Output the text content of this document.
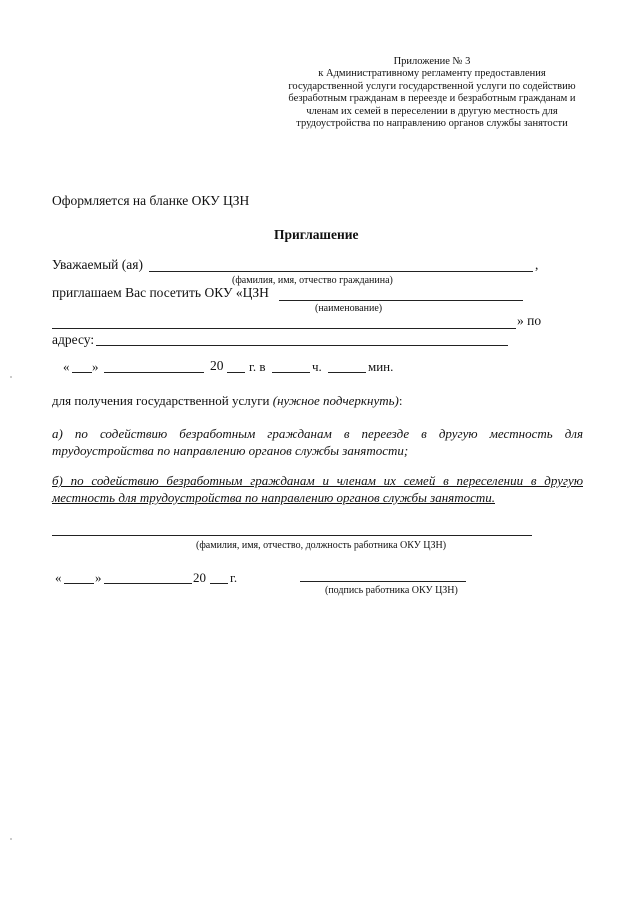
Приложение № 3
к Административному регламенту предоставления
государственной услуги государственной услуги по содействию
безработным гражданам в переезде и безработным гражданам и
членам их семей в переселении в другую местность для
трудоустройства по направлению органов службы занятости
Оформляется на бланке ОКУ ЦЗН
Приглашение
Уважаемый (ая)	,
(фамилия, имя, отчество гражданина)
приглашаем Вас посетить ОКУ «ЦЗН
(наименование)
» по
адресу:
« »	20 г. в	ч.	мин.
для получения государственной услуги (нужное подчеркнуть):
а) по содействию безработным гражданам в переезде в другую местность для трудоустройства по направлению органов службы занятости;
б) по содействию безработным гражданам и членам их семей в переселении в другую местность для трудоустройства по направлению органов службы занятости.
(фамилия, имя, отчество, должность работника ОКУ ЦЗН)
«	»	20 г.
(подпись работника ОКУ ЦЗН)
